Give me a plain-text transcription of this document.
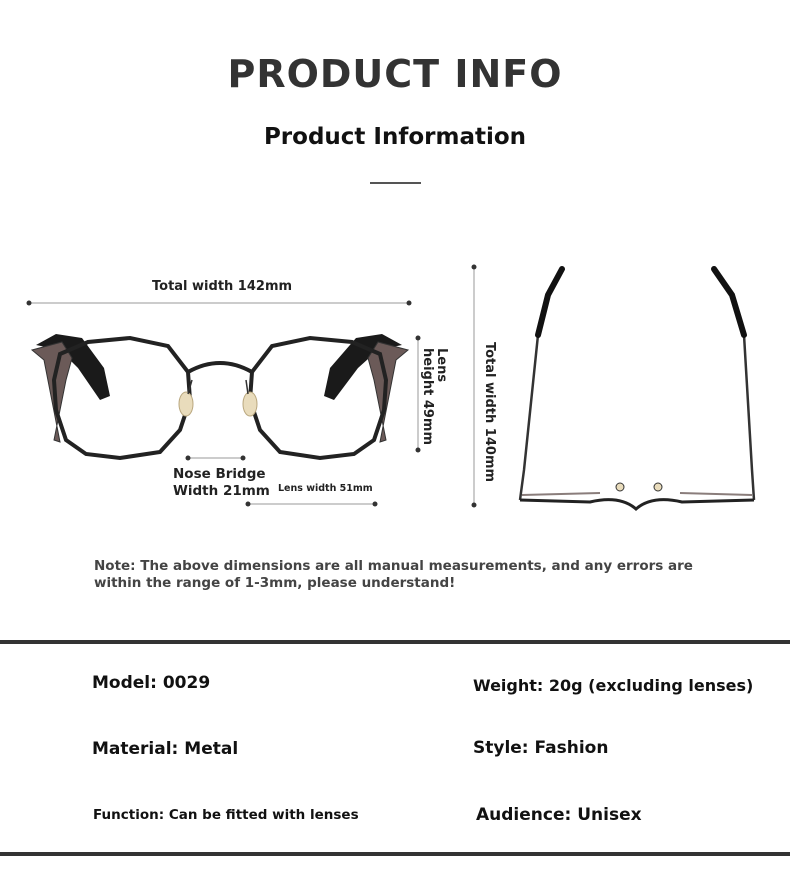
PRODUCT INFO
Product Information
Total width 142mm
Lens
height 49mm
Nose Bridge
Width 21mm Lens width 51mm
Total width 140mm
Note: The above dimensions are all manual measurements, and any errors are within the range of 1-3mm, please understand!
Model: 0029	Weight: 20g (excluding lenses)
Material: Metal	Style: Fashion
Function: Can be fitted with lenses	Audience: Unisex
